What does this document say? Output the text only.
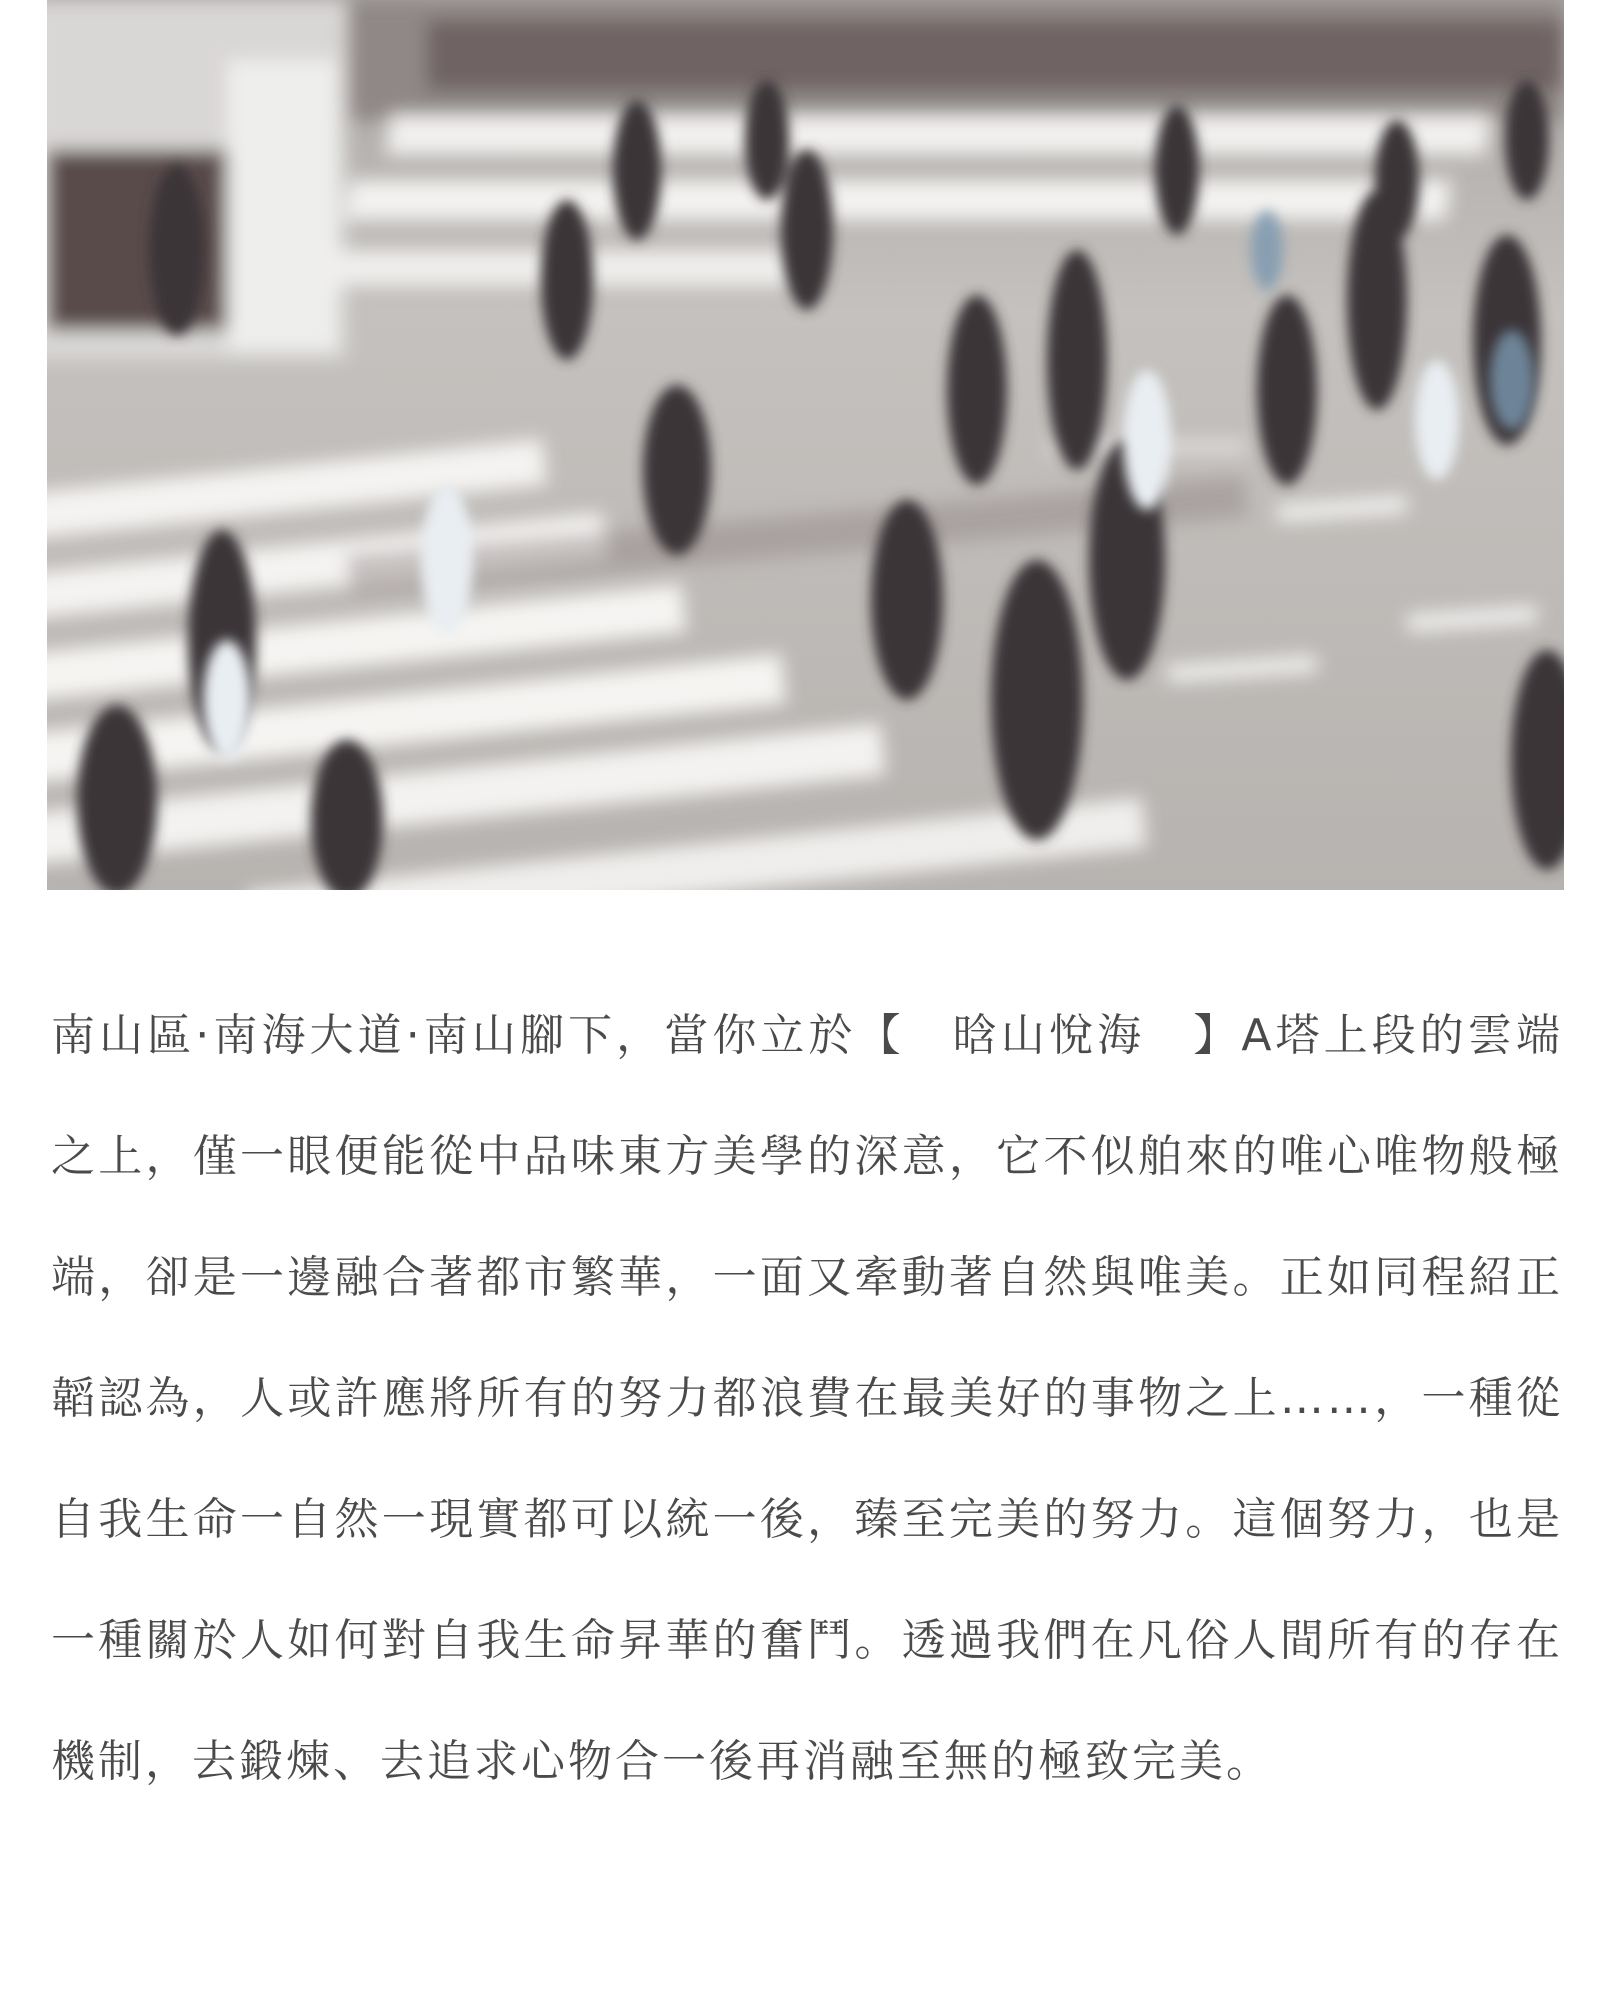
南山區·南海大道·南山腳下，當你立於【　晗山悅海　】A塔上段的雲端之上，僅一眼便能從中品味東方美學的深意，它不似舶來的唯心唯物般極端，卻是一邊融合著都市繁華，一面又牽動著自然與唯美。正如同程紹正韜認為，人或許應將所有的努力都浪費在最美好的事物之上……，一種從自我生命一自然一現實都可以統一後，臻至完美的努力。這個努力，也是一種關於人如何對自我生命昇華的奮鬥。透過我們在凡俗人間所有的存在機制，去鍛煉、去追求心物合一後再消融至無的極致完美。
